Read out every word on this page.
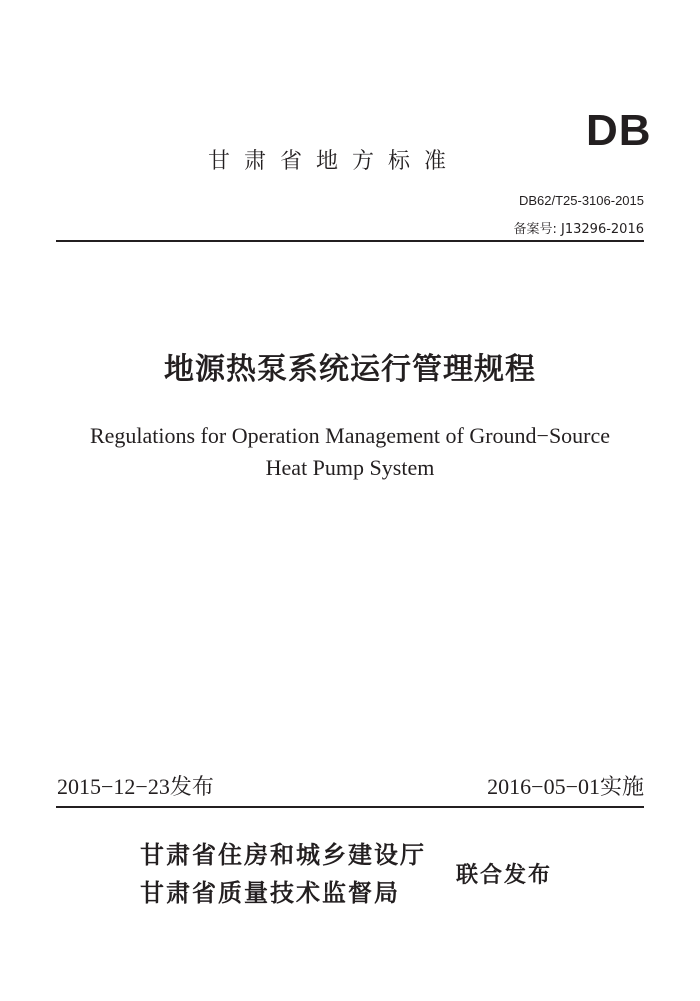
DB
甘肃省地方标准
DB62/T25-3106-2015
备案号: J13296-2016
地源热泵系统运行管理规程
Regulations for Operation Management of Ground−Source
Heat Pump System
2015−12−23发布	2016−05−01实施
甘肃省住房和城乡建设厅
甘肃省质量技术监督局
联合发布
